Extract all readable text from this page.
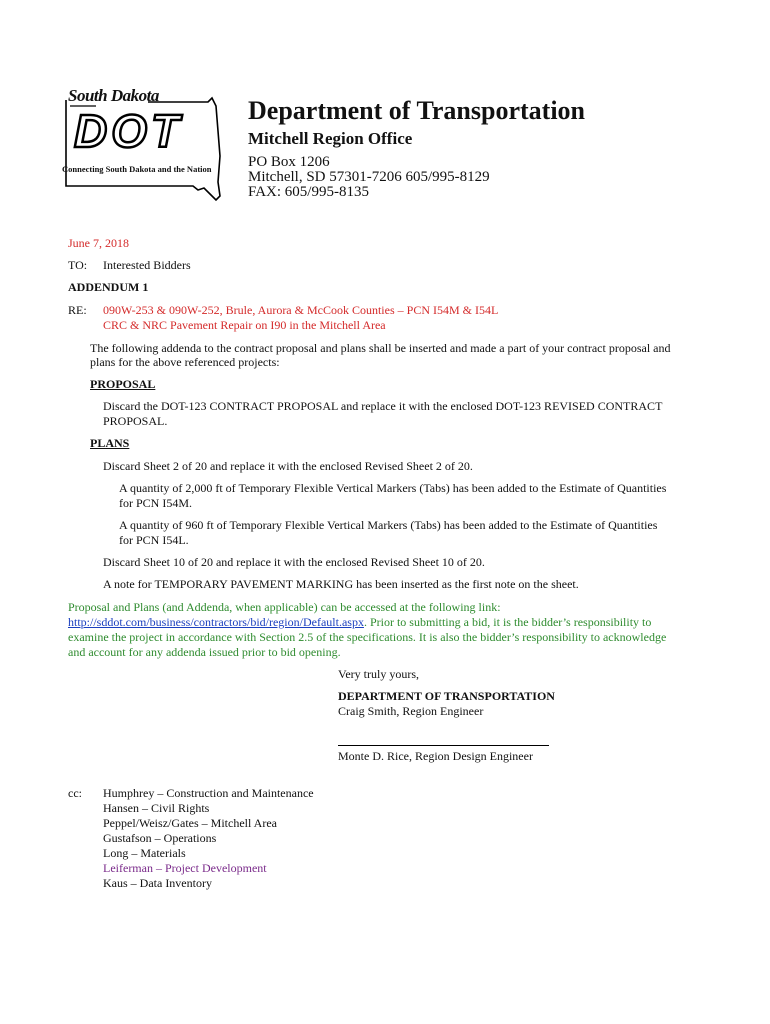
South Dakota
DOT
Connecting South Dakota and the Nation
Department of Transportation
Mitchell Region Office
PO Box 1206
Mitchell, SD 57301-7206 605/995-8129
FAX: 605/995-8135
June 7, 2018
TO: Interested Bidders
ADDENDUM 1
RE: 090W-253 & 090W-252, Brule, Aurora & McCook Counties – PCN I54M & I54L
CRC & NRC Pavement Repair on I90 in the Mitchell Area
The following addenda to the contract proposal and plans shall be inserted and made a part of your contract proposal and
plans for the above referenced projects:
PROPOSAL
Discard the DOT-123 CONTRACT PROPOSAL and replace it with the enclosed DOT-123 REVISED CONTRACT
PROPOSAL.
PLANS
Discard Sheet 2 of 20 and replace it with the enclosed Revised Sheet 2 of 20.
A quantity of 2,000 ft of Temporary Flexible Vertical Markers (Tabs) has been added to the Estimate of Quantities
for PCN I54M.
A quantity of 960 ft of Temporary Flexible Vertical Markers (Tabs) has been added to the Estimate of Quantities
for PCN I54L.
Discard Sheet 10 of 20 and replace it with the enclosed Revised Sheet 10 of 20.
A note for TEMPORARY PAVEMENT MARKING has been inserted as the first note on the sheet.
Proposal and Plans (and Addenda, when applicable) can be accessed at the following link:
http://sddot.com/business/contractors/bid/region/Default.aspx. Prior to submitting a bid, it is the bidder’s responsibility to
examine the project in accordance with Section 2.5 of the specifications. It is also the bidder’s responsibility to acknowledge
and account for any addenda issued prior to bid opening.
Very truly yours,
DEPARTMENT OF TRANSPORTATION
Craig Smith, Region Engineer
Monte D. Rice, Region Design Engineer
cc: Humphrey – Construction and Maintenance
Hansen – Civil Rights
Peppel/Weisz/Gates – Mitchell Area
Gustafson – Operations
Long – Materials
Leiferman – Project Development
Kaus – Data Inventory
